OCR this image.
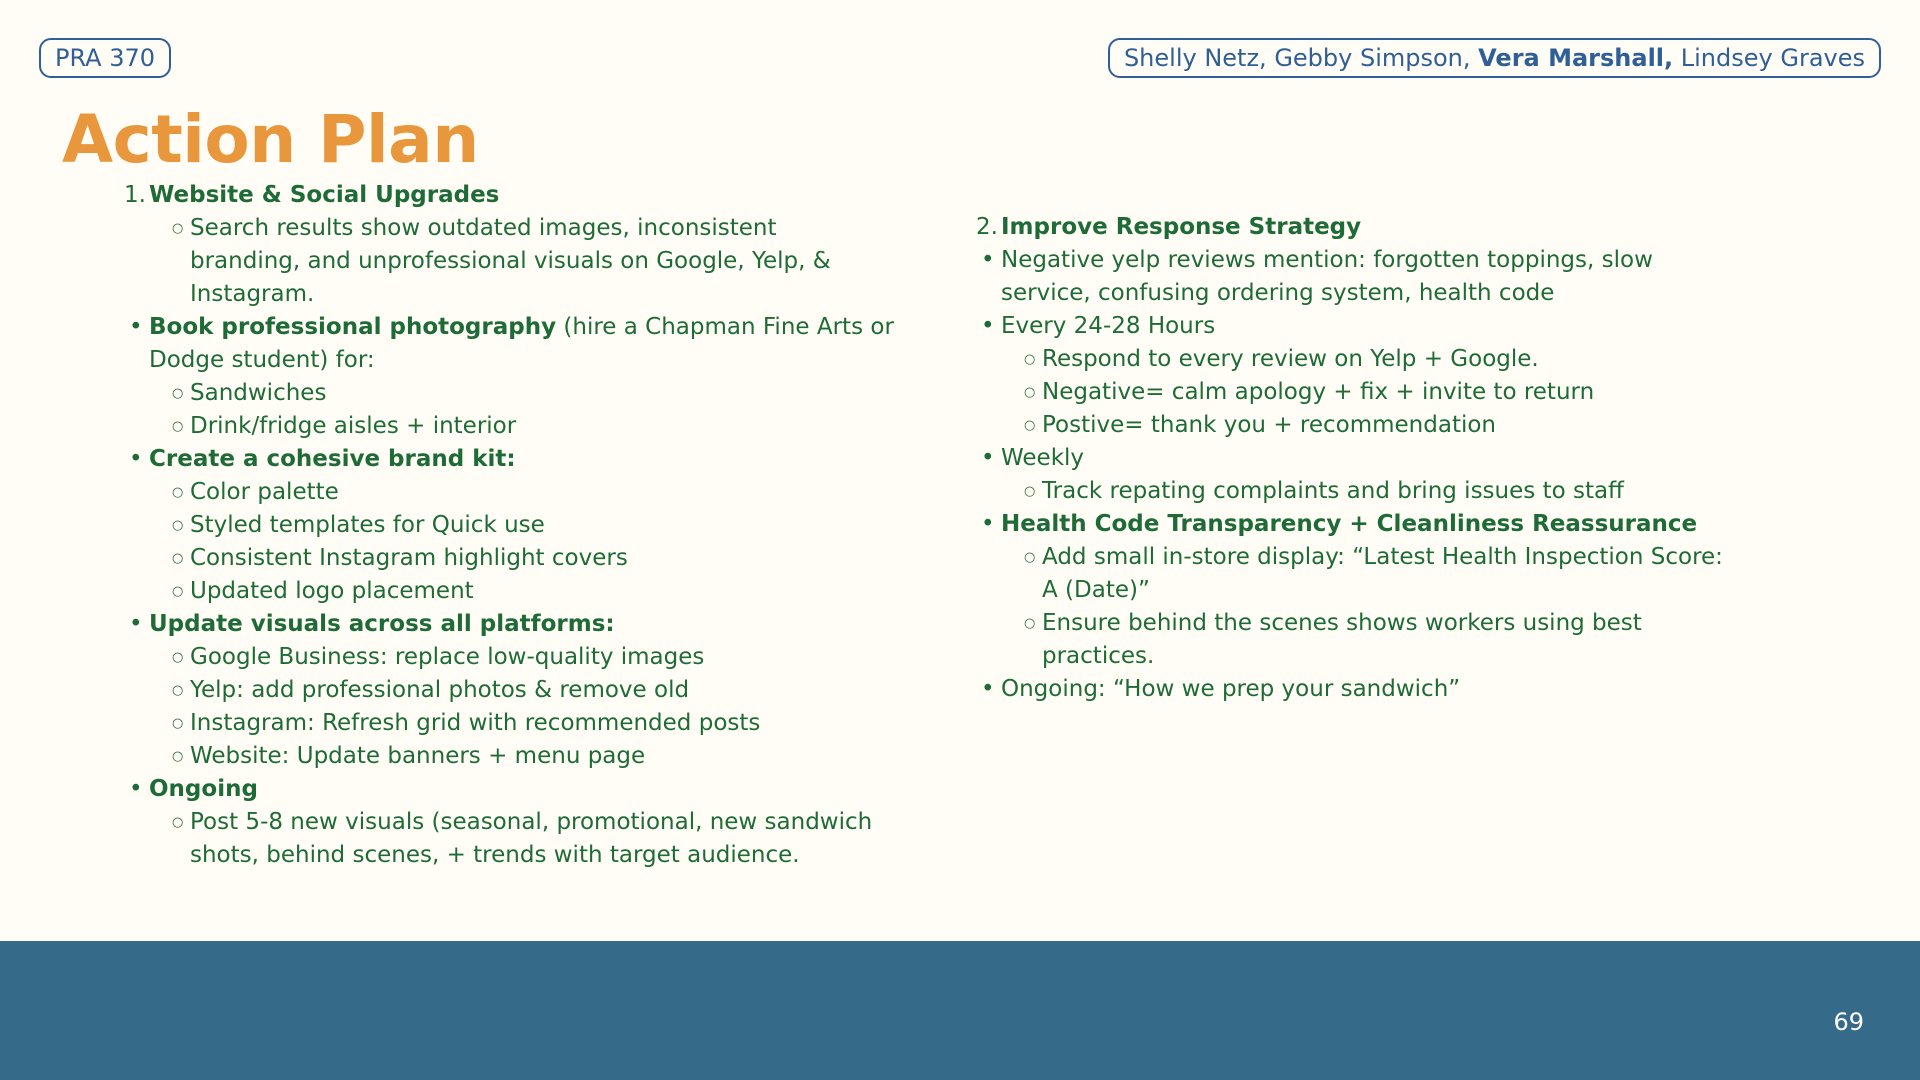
PRA 370	Shelly Netz, Gebby Simpson, Vera Marshall, Lindsey Graves
Action Plan
1. Website & Social Upgrades
○ Search results show outdated images, inconsistent
branding, and unprofessional visuals on Google, Yelp, &
Instagram.
• Book professional photography (hire a Chapman Fine Arts or
Dodge student) for:
○ Sandwiches
○ Drink/fridge aisles + interior
• Create a cohesive brand kit:
○ Color palette
○ Styled templates for Quick use
○ Consistent Instagram highlight covers
○ Updated logo placement
• Update visuals across all platforms:
○ Google Business: replace low-quality images
○ Yelp: add professional photos & remove old
○ Instagram: Refresh grid with recommended posts
○ Website: Update banners + menu page
• Ongoing
○ Post 5-8 new visuals (seasonal, promotional, new sandwich
shots, behind scenes, + trends with target audience.
2. Improve Response Strategy
• Negative yelp reviews mention: forgotten toppings, slow
service, confusing ordering system, health code
• Every 24-28 Hours
○ Respond to every review on Yelp + Google.
○ Negative= calm apology + fix + invite to return
○ Postive= thank you + recommendation
• Weekly
○ Track repating complaints and bring issues to staff
• Health Code Transparency + Cleanliness Reassurance
○ Add small in-store display: “Latest Health Inspection Score:
A (Date)”
○ Ensure behind the scenes shows workers using best
practices.
• Ongoing: “How we prep your sandwich”
69
